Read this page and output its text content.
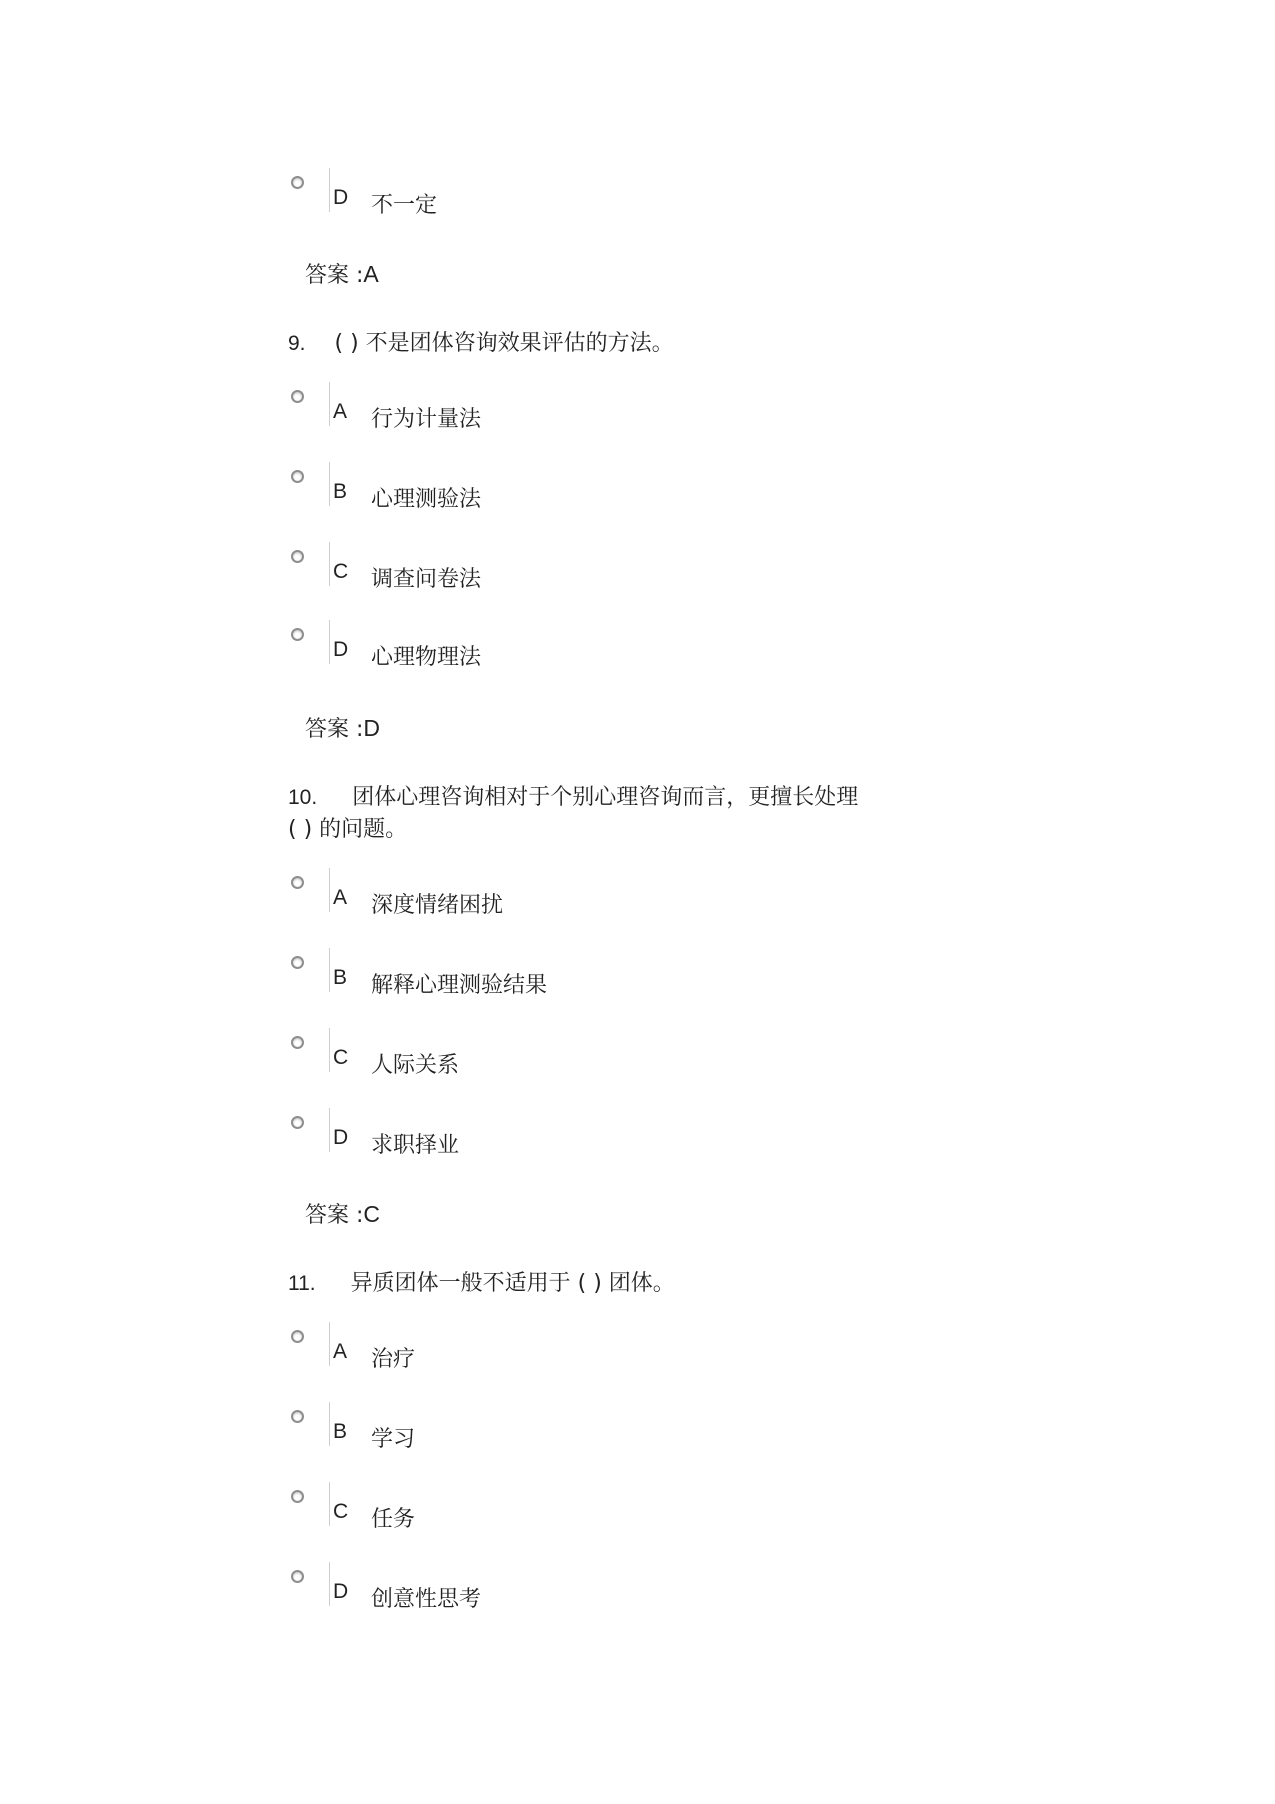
D 不一定
答案 :A
9. ( ) 不是团体咨询效果评估的方法。
A 行为计量法
B 心理测验法
C 调查问卷法
D 心理物理法
答案 :D
10. 团体心理咨询相对于个别心理咨询而言，更擅长处理
( ) 的问题。
A 深度情绪困扰
B 解释心理测验结果
C 人际关系
D 求职择业
答案 :C
11. 异质团体一般不适用于 ( ) 团体。
A 治疗
B 学习
C 任务
D 创意性思考
